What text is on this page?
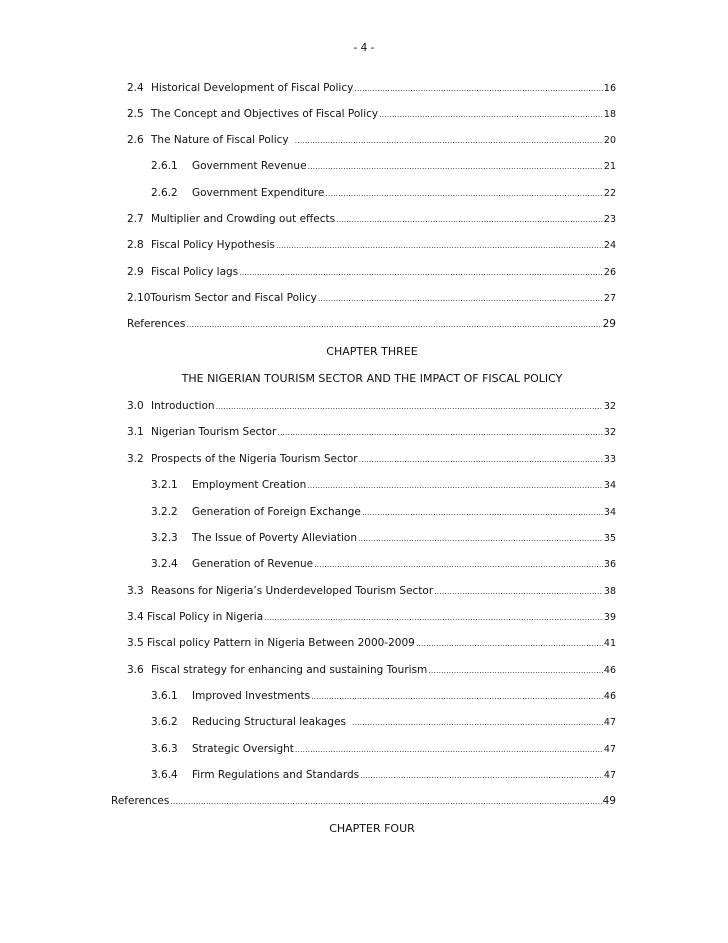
- 4 -
2.4 Historical Development of Fiscal Policy .....	16
2.5 The Concept and Objectives of Fiscal Policy .....	18
2.6 The Nature of Fiscal Policy .....	20
2.6.1 Government Revenue .....	21
2.6.2 Government Expenditure .....	22
2.7 Multiplier and Crowding out effects .....	23
2.8 Fiscal Policy Hypothesis .....	24
2.9 Fiscal Policy lags .....	26
2.10Tourism Sector and Fiscal Policy .....	27
References .....	29
CHAPTER THREE
THE NIGERIAN TOURISM SECTOR AND THE IMPACT OF FISCAL POLICY
3.0 Introduction .....	32
3.1 Nigerian Tourism Sector .....	32
3.2 Prospects of the Nigeria Tourism Sector .....	33
3.2.1 Employment Creation .....	34
3.2.2 Generation of Foreign Exchange .....	34
3.2.3 The Issue of Poverty Alleviation .....	35
3.2.4 Generation of Revenue .....	36
3.3 Reasons for Nigeria’s Underdeveloped Tourism Sector .....	38
3.4 Fiscal Policy in Nigeria .....	39
3.5 Fiscal policy Pattern in Nigeria Between 2000-2009 .....	41
3.6 Fiscal strategy for enhancing and sustaining Tourism .....	46
3.6.1 Improved Investments .....	46
3.6.2 Reducing Structural leakages .....	47
3.6.3 Strategic Oversight .....	47
3.6.4 Firm Regulations and Standards .....	47
References .....	49
CHAPTER FOUR
